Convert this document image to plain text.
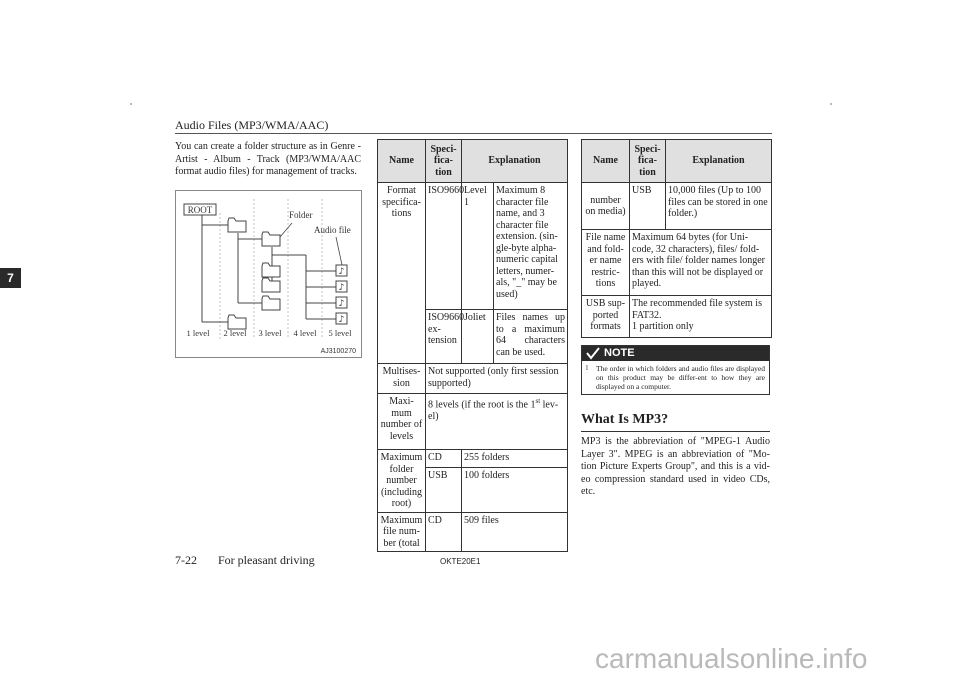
Audio Files (MP3/WMA/AAC)
7
You can create a folder structure as in Genre - Artist - Album - Track (MP3/WMA/AAC format audio files) for management of tracks.
♪
ROOT	Folder
Audio file
1 level 2 level 3 level 4 level 5 level
AJ3100270
Name	Speci-fica-tion	Explanation	
Format specifica-tions	ISO9660	Level 1	Maximum 8 character file name, and 3 character file extension. (sin-gle-byte alpha-numeric capital letters, numer-als, "_" may be used)
	ISO9660 ex-tension	Joliet	Files names up to a maximum 64 characters can be used.
Multises-sion	Not supported (only first session supported)		
Maxi-mum number of levels	8 levels (if the root is the 1st lev-el)		
Maximum folder number (including root)	CD	255 folders	
	USB	100 folders	
Maximum file num-ber (total	CD	509 files	
Name	Speci-fica-tion	Explanation
number on media)	USB	10,000 files (Up to 100 files can be stored in one folder.)
File name and fold-er name restric-tions	Maximum 64 bytes (for Uni-code, 32 characters), files/ fold-ers with file/ folder names longer than this will not be displayed or played.	
USB sup-ported formats	The recommended file system is FAT32.
1 partition only	
NOTE
l The order in which folders and audio files are displayed on this product may be differ-ent to how they are displayed on a computer.
What Is MP3?
MP3 is the abbreviation of "MPEG-1 Audio Layer 3". MPEG is an abbreviation of "Mo-tion Picture Experts Group", and this is a vid-eo compression standard used in video CDs, etc.
7-22 For pleasant driving	OKTE20E1
carmanualsonline.info
